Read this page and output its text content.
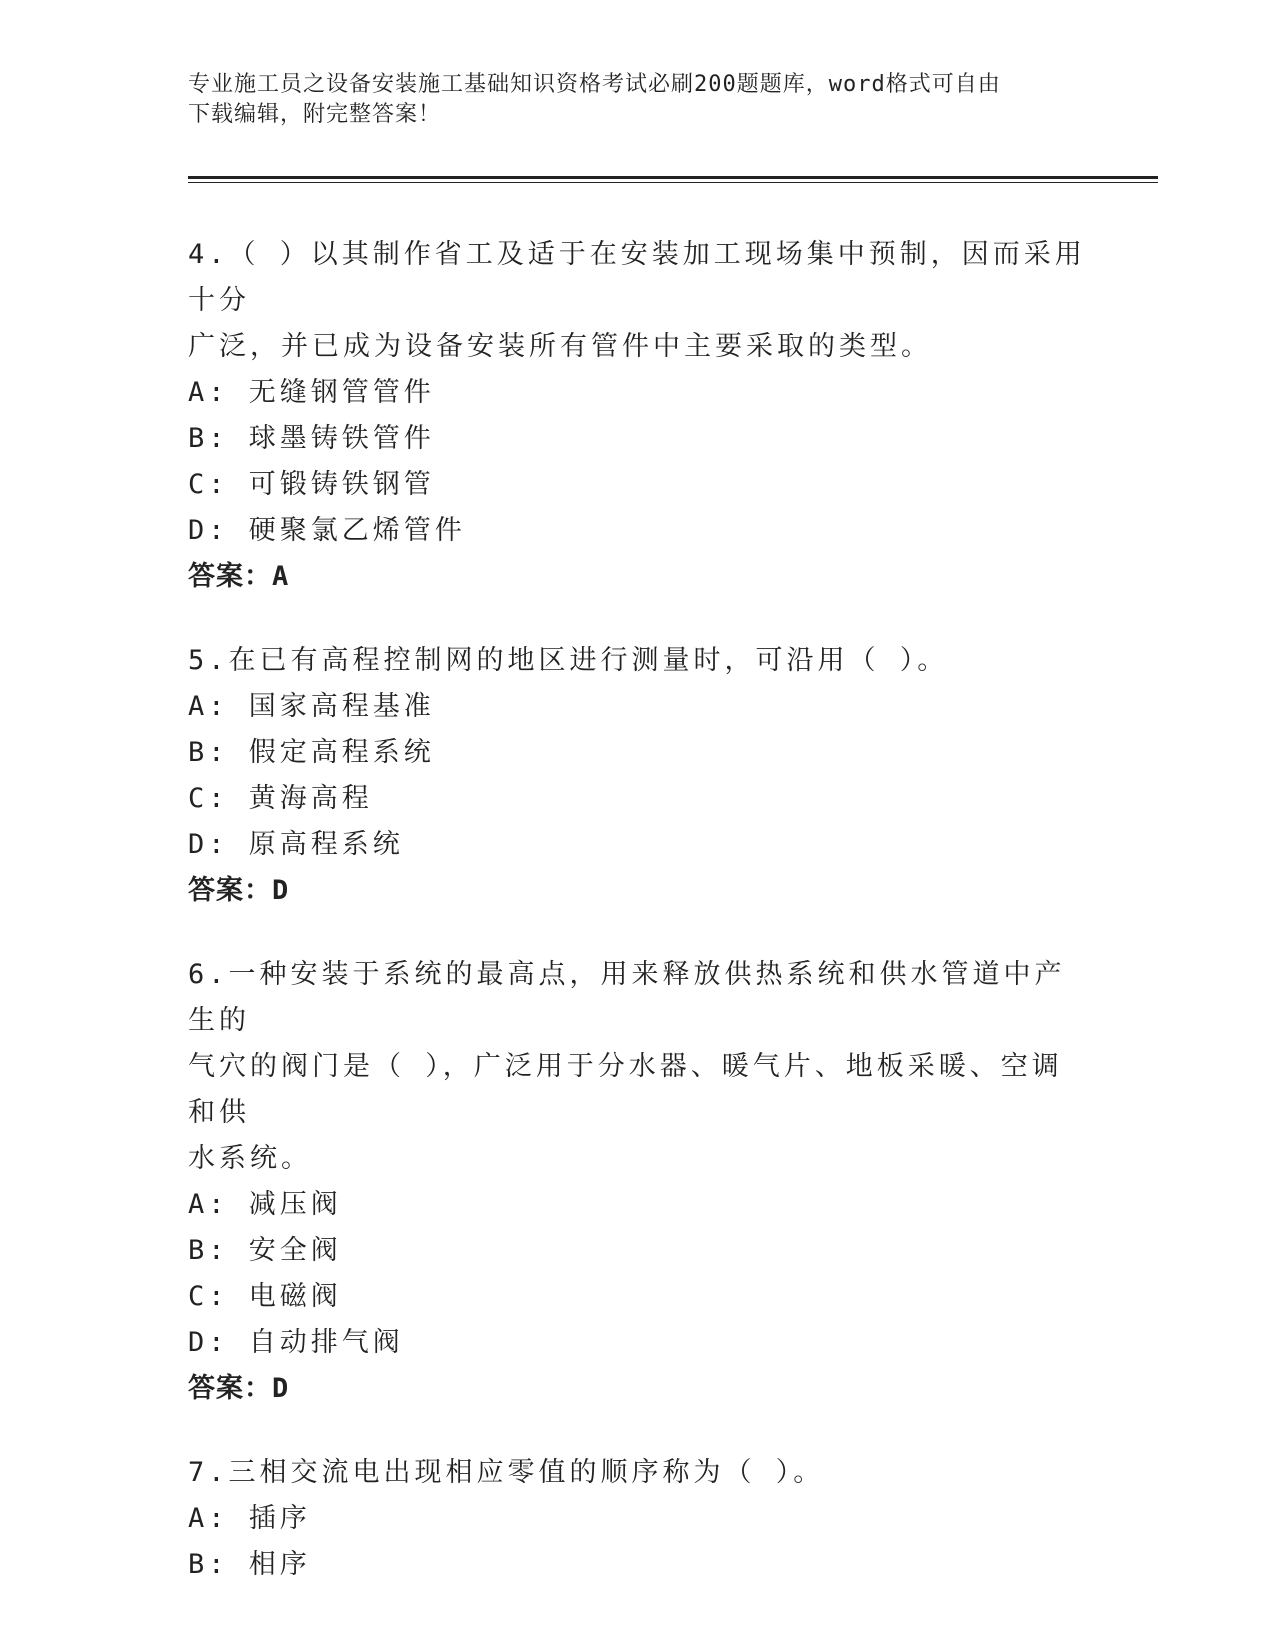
专业施工员之设备安装施工基础知识资格考试必刷200题题库，word格式可自由
下载编辑，附完整答案！

4.（ ）以其制作省工及适于在安装加工现场集中预制，因而采用十分

广泛，并已成为设备安装所有管件中主要采取的类型。

A: 无缝钢管管件

B: 球墨铸铁管件

C: 可锻铸铁钢管

D: 硬聚氯乙烯管件

答案：A

5.在已有高程控制网的地区进行测量时，可沿用（ ）。

A: 国家高程基准

B: 假定高程系统

C: 黄海高程

D: 原高程系统

答案：D

6.一种安装于系统的最高点，用来释放供热系统和供水管道中产生的

气穴的阀门是（ ），广泛用于分水器、暖气片、地板采暖、空调和供

水系统。

A: 减压阀

B: 安全阀

C: 电磁阀

D: 自动排气阀

答案：D

7.三相交流电出现相应零值的顺序称为（ ）。

A: 插序

B: 相序
